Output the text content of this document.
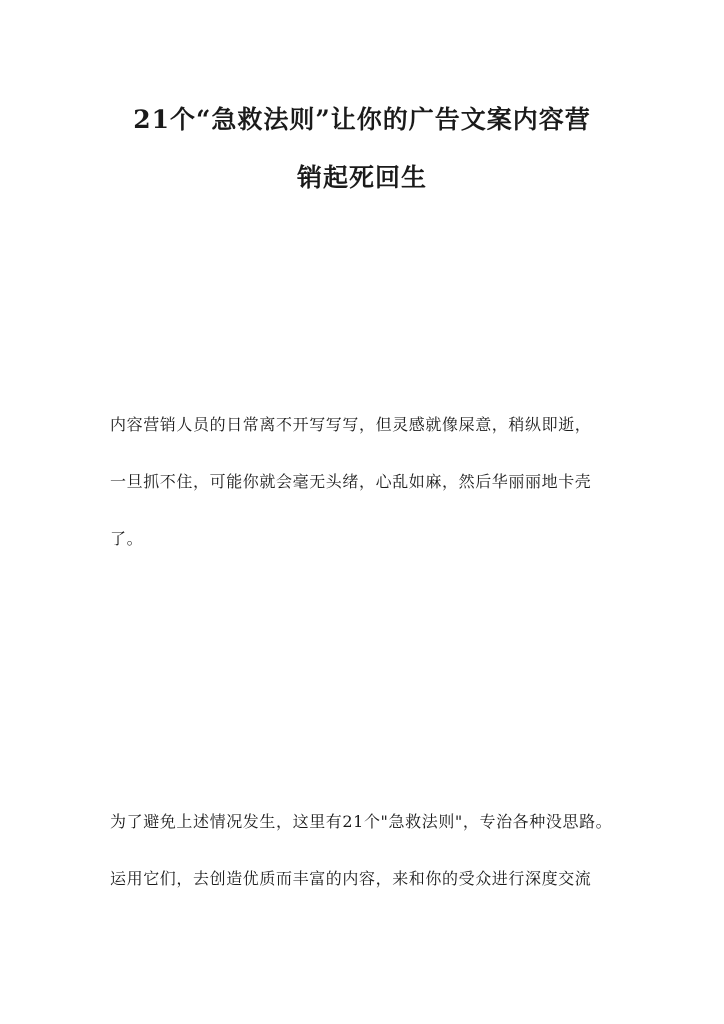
21个“急救法则”让你的广告文案内容营
销起死回生
内容营销人员的日常离不开写写写，但灵感就像屎意，稍纵即逝，
一旦抓不住，可能你就会毫无头绪，心乱如麻，然后华丽丽地卡壳
了。
为了避免上述情况发生，这里有21个"急救法则"，专治各种没思路。
运用它们，去创造优质而丰富的内容，来和你的受众进行深度交流
